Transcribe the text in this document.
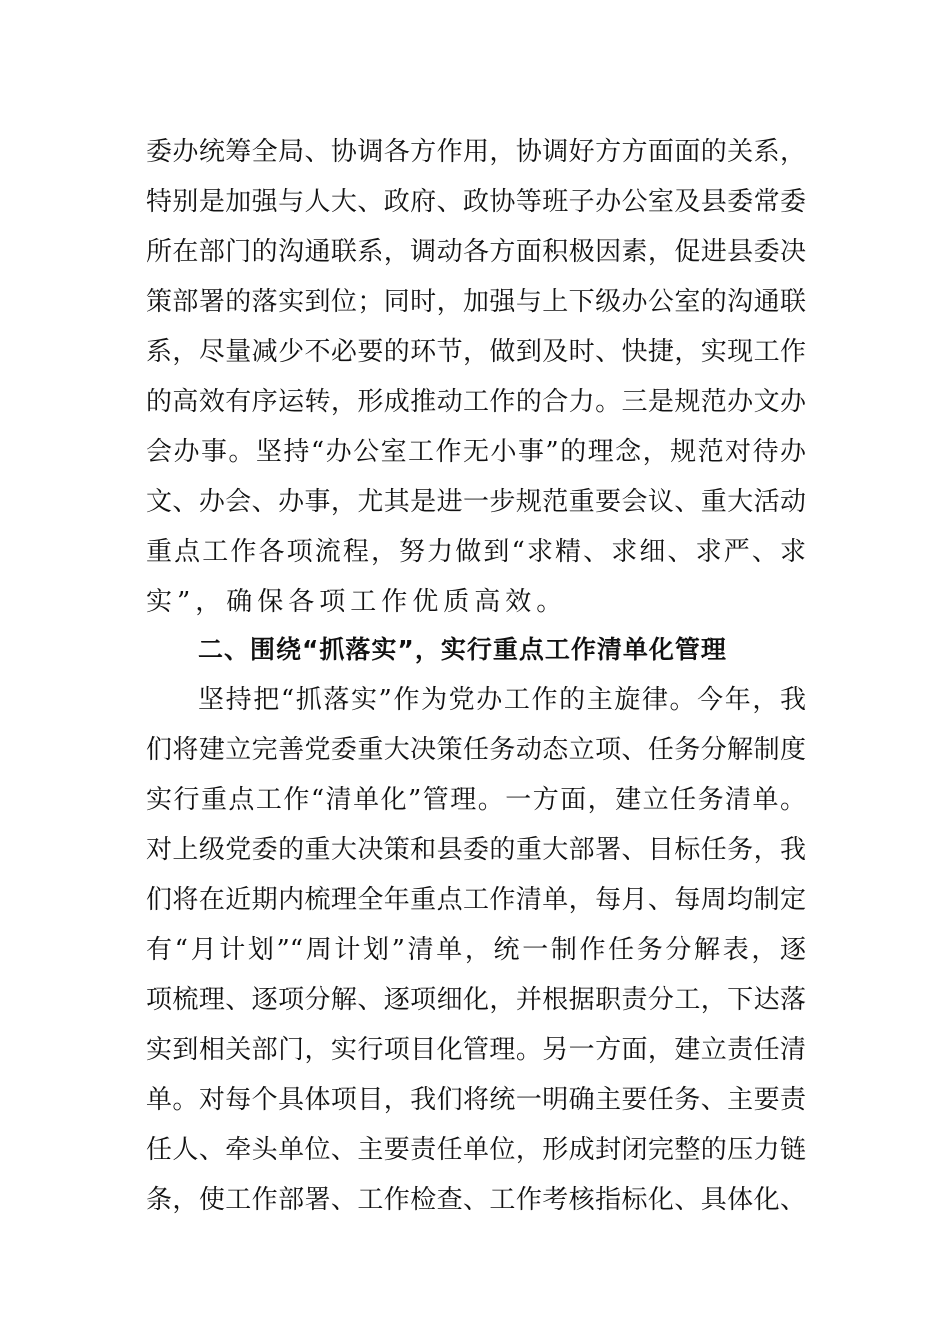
委办统筹全局、协调各方作用，协调好方方面面的关系，
特别是加强与人大、政府、政协等班子办公室及县委常委
所在部门的沟通联系，调动各方面积极因素，促进县委决
策部署的落实到位；同时，加强与上下级办公室的沟通联
系，尽量减少不必要的环节，做到及时、快捷，实现工作
的高效有序运转，形成推动工作的合力。三是规范办文办
会办事。坚持“办公室工作无小事”的理念，规范对待办
文、办会、办事，尤其是进一步规范重要会议、重大活动
重点工作各项流程，努力做到“求精、求细、求严、求
实”，确保各项工作优质高效。
二、围绕“抓落实”，实行重点工作清单化管理
坚持把“抓落实”作为党办工作的主旋律。今年，我
们将建立完善党委重大决策任务动态立项、任务分解制度
实行重点工作“清单化”管理。一方面，建立任务清单。
对上级党委的重大决策和县委的重大部署、目标任务，我
们将在近期内梳理全年重点工作清单，每月、每周均制定
有“月计划”“周计划”清单，统一制作任务分解表，逐
项梳理、逐项分解、逐项细化，并根据职责分工，下达落
实到相关部门，实行项目化管理。另一方面，建立责任清
单。对每个具体项目，我们将统一明确主要任务、主要责
任人、牵头单位、主要责任单位，形成封闭完整的压力链
条，使工作部署、工作检查、工作考核指标化、具体化、
